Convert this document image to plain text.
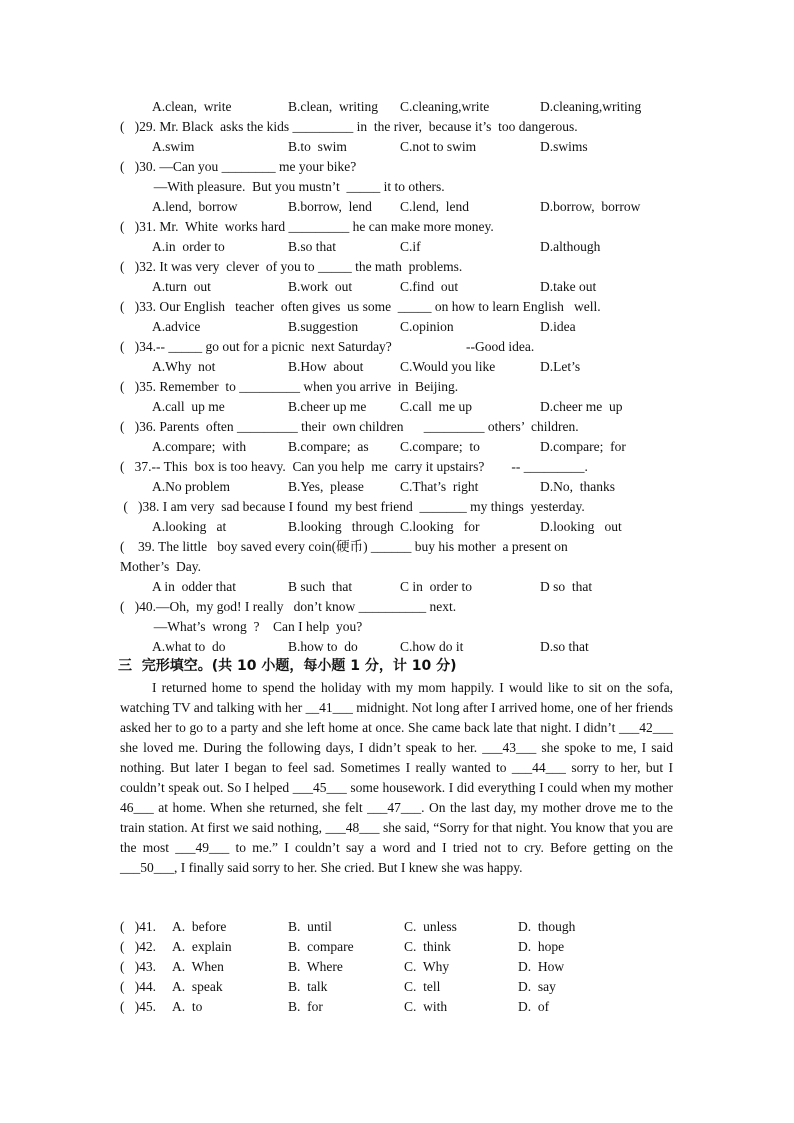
A.clean,  write	B.clean,  writing C.cleaning,write	D.cleaning,writing
(   )29. Mr. Black  asks the kids _________ in  the river,  because it’s  too dangerous.
A.swim	B.to  swim	C.not to swim	D.swims
(   )30. —Can you ________ me your bike?
—With pleasure.  But you mustn’t  _____ it to others.
A.lend,  borrow	B.borrow,  lend C.lend,  lend	D.borrow,  borrow
(   )31. Mr.  White  works hard _________ he can make more money.
A.in  order to	B.so that	C.if	D.although
(   )32. It was very  clever  of you to _____ the math  problems.
A.turn  out	B.work  out	C.find  out	D.take out
(   )33. Our English   teacher  often gives  us some  _____ on how to learn English   well.
A.advice	B.suggestion	C.opinion	D.idea
(   )34.-- _____ go out for a picnic  next Saturday?                      --Good idea.
A.Why  not	B.How  about	C.Would you like	D.Let’s
(   )35. Remember  to _________ when you arrive  in  Beijing.
A.call  up me	B.cheer up me C.call  me up	D.cheer me  up
(   )36. Parents  often _________ their  own children      _________ others’  children.
A.compare;  with	B.compare;  as C.compare;  to	D.compare;  for
(   37.-- This  box is too heavy.  Can you help  me  carry it upstairs?        -- _________.
A.No problem	B.Yes,  please	C.That’s  right	D.No,  thanks
(   )38. I am very  sad because I found  my best friend  _______ my things  yesterday.
A.looking   at	B.looking   through C.looking   for	D.looking   out
(    39. The little   boy saved every coin(硬币) ______ buy his mother  a present on
Mother’s  Day.
A in  odder that	B such  that	C in  order to	D so  that
(   )40.—Oh,  my god! I really   don’t know __________ next.
—What’s  wrong  ?    Can I help  you?
A.what to  do	B.how to  do	C.how do it	D.so that
三  完形填空。(共 10 小题，每小题 1 分，计 10 分)
I returned home to spend the holiday with my mom happily. I would like to sit on the sofa, watching TV and talking with her __41___ midnight. Not long after I arrived home, one of her friends asked her to go to a party and she left home at once. She came back late that night. I didn’t ___42___ she loved me. During the following days, I didn’t speak to her. ___43___ she spoke to me, I said nothing. But later I began to feel sad. Sometimes I really wanted to ___44___ sorry to her, but I couldn’t speak out. So I helped ___45___ some housework. I did everything I could when my mother 46___ at home. When she returned, she felt ___47___. On the last day, my mother drove me to the train station. At first we said nothing, ___48___ she said, “Sorry for that night. You know that you are the most ___49___ to me.” I couldn’t say a word and I tried not to cry. Before getting on the ___50___, I finally said sorry to her. She cried. But I knew she was happy.
(   )41. A.  before	B.  until	C.  unless	D.  though
(   )42. A.  explain	B.  compare	C.  think	D.  hope
(   )43. A.  When	B.  Where	C.  Why	D.  How
(   )44. A.  speak	B.  talk	C.  tell	D.  say
(   )45. A.  to	B.  for	C.  with	D.  of
